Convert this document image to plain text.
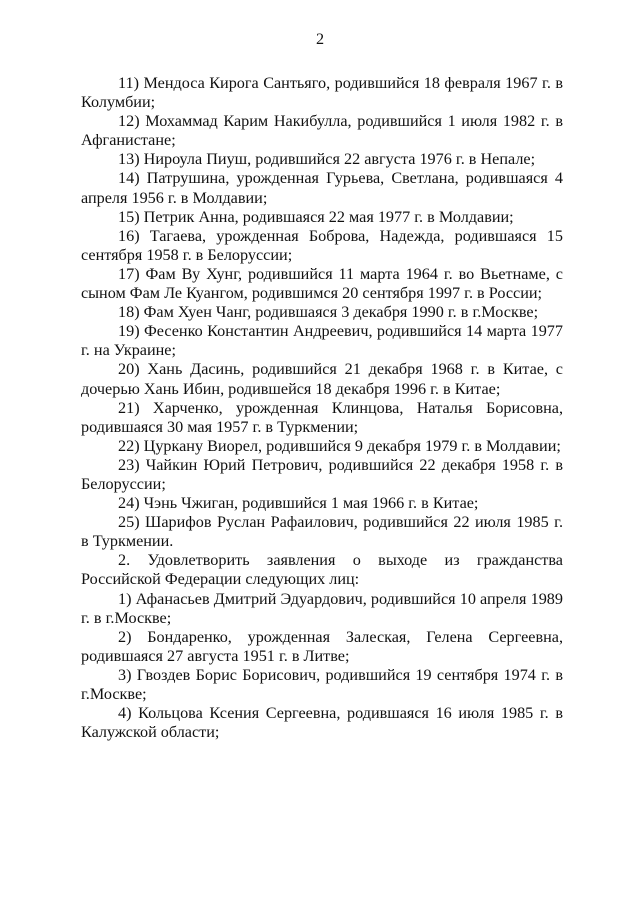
2

11) Мендоса Кирога Сантьяго, родившийся 18 февраля 1967 г. в Колумбии;

12) Мохаммад Карим Накибулла, родившийся 1 июля 1982 г. в Афганистане;

13) Нироула Пиуш, родившийся 22 августа 1976 г. в Непале;

14) Патрушина, урожденная Гурьева, Светлана, родившаяся 4 апреля 1956 г. в Молдавии;

15) Петрик Анна, родившаяся 22 мая 1977 г. в Молдавии;

16) Тагаева, урожденная Боброва, Надежда, родившаяся 15 сентября 1958 г. в Белоруссии;

17) Фам Ву Хунг, родившийся 11 марта 1964 г. во Вьетнаме, с сыном Фам Ле Куангом, родившимся 20 сентября 1997 г. в России;

18) Фам Хуен Чанг, родившаяся 3 декабря 1990 г. в г.Москве;

19) Фесенко Константин Андреевич, родившийся 14 марта 1977 г. на Украине;

20) Хань Дасинь, родившийся 21 декабря 1968 г. в Китае, с дочерью Хань Ибин, родившейся 18 декабря 1996 г. в Китае;

21) Харченко, урожденная Клинцова, Наталья Борисовна, родившаяся 30 мая 1957 г. в Туркмении;

22) Цуркану Виорел, родившийся 9 декабря 1979 г. в Молдавии;

23) Чайкин Юрий Петрович, родившийся 22 декабря 1958 г. в Белоруссии;

24) Чэнь Чжиган, родившийся 1 мая 1966 г. в Китае;

25) Шарифов Руслан Рафаилович, родившийся 22 июля 1985 г. в Туркмении.

2. Удовлетворить заявления о выходе из гражданства Российской Федерации следующих лиц:

1) Афанасьев Дмитрий Эдуардович, родившийся 10 апреля 1989 г. в г.Москве;

2) Бондаренко, урожденная Залеская, Гелена Сергеевна, родившаяся 27 августа 1951 г. в Литве;

3) Гвоздев Борис Борисович, родившийся 19 сентября 1974 г. в г.Москве;

4) Кольцова Ксения Сергеевна, родившаяся 16 июля 1985 г. в Калужской области;
